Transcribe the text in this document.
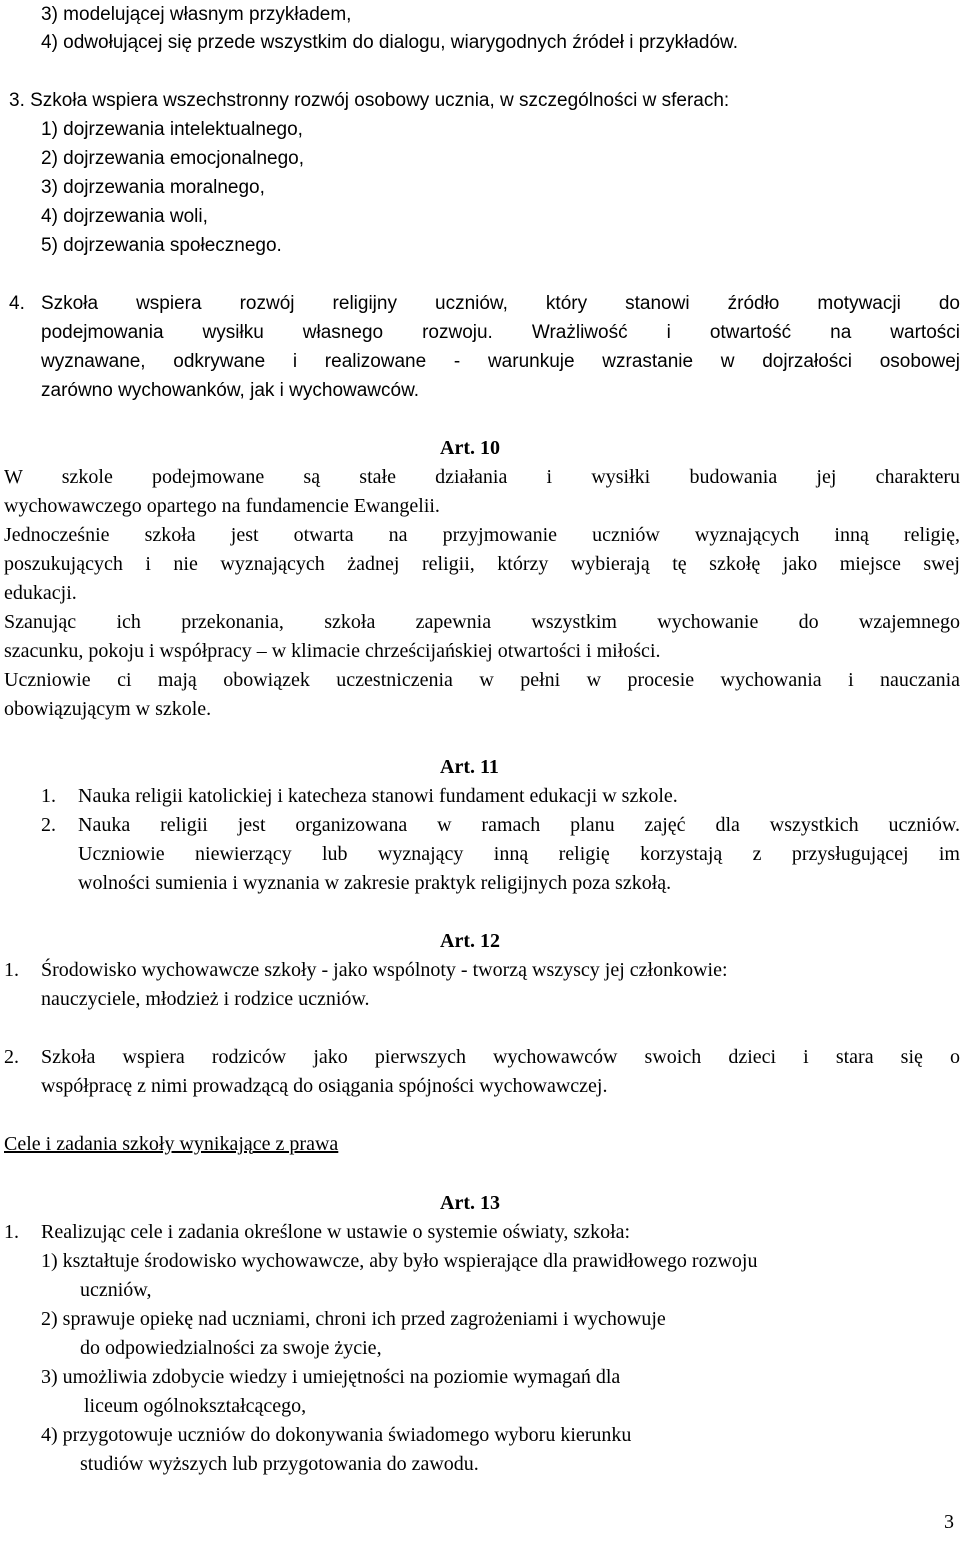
3) modelującej własnym przykładem,
4) odwołującej się przede wszystkim do dialogu, wiarygodnych źródeł i przykładów.
3. Szkoła wspiera wszechstronny rozwój osobowy ucznia, w szczególności w sferach:
1) dojrzewania intelektualnego,
2) dojrzewania emocjonalnego,
3) dojrzewania moralnego,
4) dojrzewania woli,
5) dojrzewania społecznego.
4. Szkoła wspiera rozwój religijny uczniów, który stanowi źródło motywacji do
podejmowania wysiłku własnego rozwoju. Wrażliwość i otwartość na wartości
wyznawane, odkrywane i realizowane - warunkuje wzrastanie w dojrzałości osobowej
zarówno wychowanków, jak i wychowawców.
Art. 10
W szkole podejmowane są stałe działania i wysiłki budowania jej charakteru
wychowawczego opartego na fundamencie Ewangelii.
Jednocześnie szkoła jest otwarta na przyjmowanie uczniów wyznających inną religię,
poszukujących i nie wyznających żadnej religii, którzy wybierają tę szkołę jako miejsce swej
edukacji.
Szanując ich przekonania, szkoła zapewnia wszystkim wychowanie do wzajemnego
szacunku, pokoju i współpracy – w klimacie chrześcijańskiej otwartości i miłości.
Uczniowie ci mają obowiązek uczestniczenia w pełni w procesie wychowania i nauczania
obowiązującym w szkole.
Art. 11
1. Nauka religii katolickiej i katecheza stanowi fundament edukacji w szkole.
2. Nauka religii jest organizowana w ramach planu zajęć dla wszystkich uczniów.
Uczniowie niewierzący lub wyznający inną religię korzystają z przysługującej im
wolności sumienia i wyznania w zakresie praktyk religijnych poza szkołą.
Art. 12
1. Środowisko wychowawcze szkoły - jako wspólnoty - tworzą wszyscy jej członkowie:
nauczyciele, młodzież i rodzice uczniów.
2. Szkoła wspiera rodziców jako pierwszych wychowawców swoich dzieci i stara się o
współpracę z nimi prowadzącą do osiągania spójności wychowawczej.
Cele i zadania szkoły wynikające z prawa
Art. 13
1. Realizując cele i zadania określone w ustawie o systemie oświaty, szkoła:
1) kształtuje środowisko wychowawcze, aby było wspierające dla prawidłowego rozwoju
uczniów,
2) sprawuje opiekę nad uczniami, chroni ich przed zagrożeniami i wychowuje
do odpowiedzialności za swoje życie,
3) umożliwia zdobycie wiedzy i umiejętności na poziomie wymagań dla
liceum ogólnokształcącego,
4) przygotowuje uczniów do dokonywania świadomego wyboru kierunku
studiów wyższych lub przygotowania do zawodu.
3
